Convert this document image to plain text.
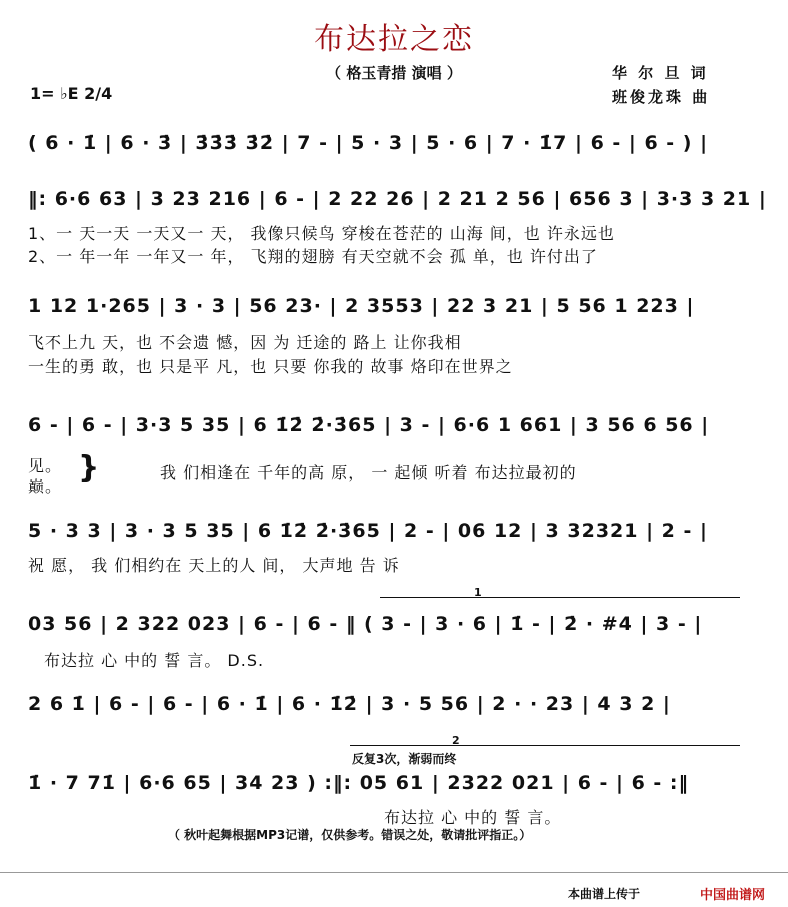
布达拉之恋
（ 格玉青措 演唱 ）	华 尔 旦 词
班俊龙珠 曲
1= ♭E 2/4
( 6 · 1̇ | 6 · 3̇ | 3̇3̇3̇ 3̇2̇ | 7 - | 5 · 3 | 5 · 6 | 7 · 1̇7 | 6 - | 6 - ) |
‖: 6·6 63 | 3 23 216 | 6 - | 2 22 26 | 2 21 2 56 | 656 3 | 3·3 3 21 |
1、一 天一天 一天又一 天， 我像只候鸟 穿梭在苍茫的 山海 间，也 许永远也
2、一 年一年 一年又一 年， 飞翔的翅膀 有天空就不会 孤 单，也 许付出了
1 12 1·265 | 3 · 3 | 56 23· | 2 3553 | 22 3 21 | 5 56 1 223 |
飞不上九 天，也 不会遗 憾，因 为 迁途的 路上 让你我相
一生的勇 敢，也 只是平 凡，也 只要 你我的 故事 烙印在世界之
6 - | 6 - | 3·3 5 35 | 6 1̇2̇ 2̇·3̇65 | 3 - | 6·6 1 661 | 3 56 6 56 |
见。
巅。
}	我 们相逢在 千年的高 原， 一 起倾 听着 布达拉最初的
5 · 3 3 | 3 · 3 5 35 | 6 1̇2̇ 2̇·3̇65 | 2 - | 06 12 | 3 32321 | 2 - |
祝 愿， 我 们相约在 天上的人 间， 大声地 告 诉
1
03 56 | 2 322 023 | 6 - | 6 - ‖ ( 3 - | 3 · 6 | 1̇ - | 2̇ · #4 | 3 - |
布达拉 心 中的 誓 言。 D.S.
2 6 1̇ | 6 - | 6 - | 6 · 1̇ | 6 · 1̇2̇ | 3 · 5 56 | 2 · · 23 | 4 3 2 |
2
反复3次，渐弱而终
1̇ · 7 71̇ | 6·6 65 | 34 23 ) :‖: 05 61 | 2322 021 | 6 - | 6 - :‖
布达拉 心 中的 誓 言。
（ 秋叶起舞根据MP3记谱，仅供参考。错误之处，敬请批评指正。）
本曲谱上传于	中国曲谱网
